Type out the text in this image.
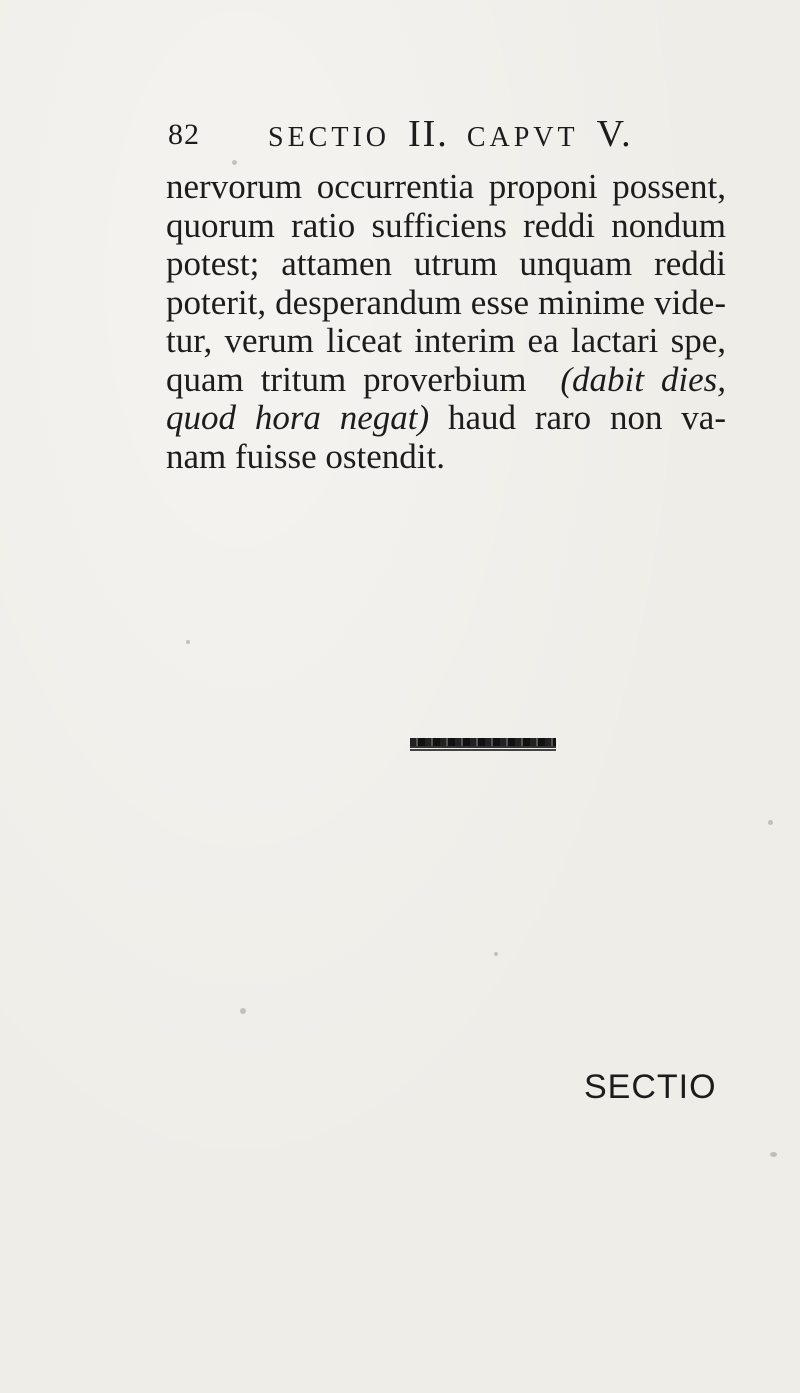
82 SECTIO II. CAPVT V.
nervorum occurrentia proponi possent,
quorum ratio sufficiens reddi nondum
potest; attamen utrum unquam reddi
poterit, desperandum esse minime vide-
tur, verum liceat interim ea lactari spe,
quam tritum proverbium (dabit dies,
quod hora negat) haud raro non va-
nam fuisse ostendit.
SECTIO
